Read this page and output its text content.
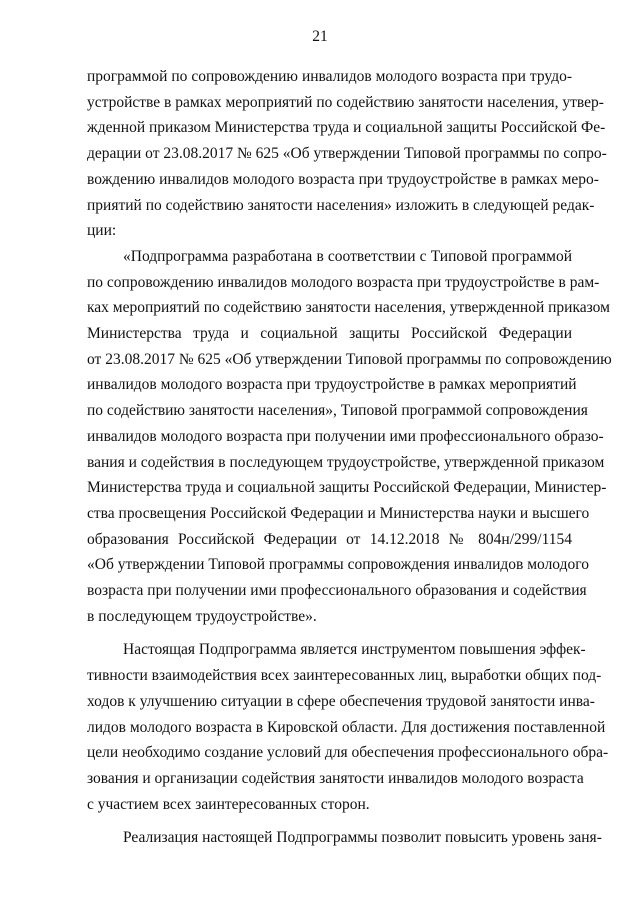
21
программой по сопровождению инвалидов молодого возраста при трудо-
устройстве в рамках мероприятий по содействию занятости населения, утвер-
жденной приказом Министерства труда и социальной защиты Российской Фе-
дерации от 23.08.2017 № 625 «Об утверждении Типовой программы по сопро-
вождению инвалидов молодого возраста при трудоустройстве в рамках меро-
приятий по содействию занятости населения» изложить в следующей редак-
ции:
«Подпрограмма разработана в соответствии с Типовой программой
по сопровождению инвалидов молодого возраста при трудоустройстве в рам-
ках мероприятий по содействию занятости населения, утвержденной приказом
Министерства труда и социальной защиты Российской Федерации
от 23.08.2017 № 625 «Об утверждении Типовой программы по сопровождению
инвалидов молодого возраста при трудоустройстве в рамках мероприятий
по содействию занятости населения», Типовой программой сопровождения
инвалидов молодого возраста при получении ими профессионального образо-
вания и содействия в последующем трудоустройстве, утвержденной приказом
Министерства труда и социальной защиты Российской Федерации, Министер-
ства просвещения Российской Федерации и Министерства науки и высшего
образования Российской Федерации от 14.12.2018 № 804н/299/1154
«Об утверждении Типовой программы сопровождения инвалидов молодого
возраста при получении ими профессионального образования и содействия
в последующем трудоустройстве».
Настоящая Подпрограмма является инструментом повышения эффек-
тивности взаимодействия всех заинтересованных лиц, выработки общих под-
ходов к улучшению ситуации в сфере обеспечения трудовой занятости инва-
лидов молодого возраста в Кировской области. Для достижения поставленной
цели необходимо создание условий для обеспечения профессионального обра-
зования и организации содействия занятости инвалидов молодого возраста
с участием всех заинтересованных сторон.
Реализация настоящей Подпрограммы позволит повысить уровень заня-
